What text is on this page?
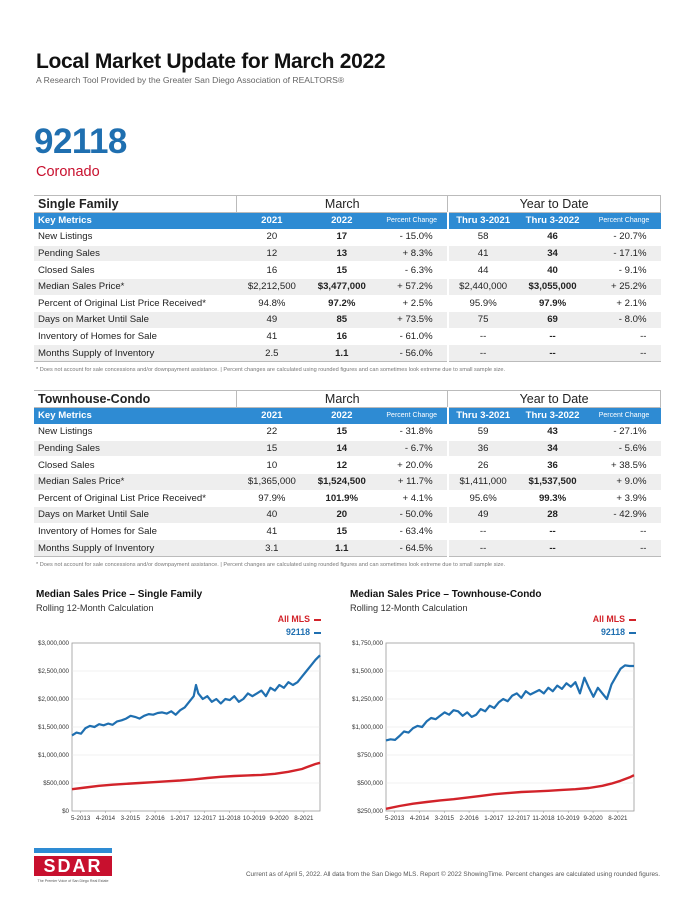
Local Market Update for March 2022
A Research Tool Provided by the Greater San Diego Association of REALTORS®
92118
Coronado
Single Family	March			Year to Date		
Key Metrics	2021	2022	Percent Change	Thru 3-2021	Thru 3-2022	Percent Change
New Listings	20	17	- 15.0%	58	46	- 20.7%
Pending Sales	12	13	+ 8.3%	41	34	- 17.1%
Closed Sales	16	15	- 6.3%	44	40	- 9.1%
Median Sales Price*	$2,212,500	$3,477,000	+ 57.2%	$2,440,000	$3,055,000	+ 25.2%
Percent of Original List Price Received*	94.8%	97.2%	+ 2.5%	95.9%	97.9%	+ 2.1%
Days on Market Until Sale	49	85	+ 73.5%	75	69	- 8.0%
Inventory of Homes for Sale	41	16	- 61.0%	--	--	--
Months Supply of Inventory	2.5	1.1	- 56.0%	--	--	--
* Does not account for sale concessions and/or downpayment assistance. | Percent changes are calculated using rounded figures and can sometimes look extreme due to small sample size.
Townhouse-Condo	March			Year to Date		
Key Metrics	2021	2022	Percent Change	Thru 3-2021	Thru 3-2022	Percent Change
New Listings	22	15	- 31.8%	59	43	- 27.1%
Pending Sales	15	14	- 6.7%	36	34	- 5.6%
Closed Sales	10	12	+ 20.0%	26	36	+ 38.5%
Median Sales Price*	$1,365,000	$1,524,500	+ 11.7%	$1,411,000	$1,537,500	+ 9.0%
Percent of Original List Price Received*	97.9%	101.9%	+ 4.1%	95.6%	99.3%	+ 3.9%
Days on Market Until Sale	40	20	- 50.0%	49	28	- 42.9%
Inventory of Homes for Sale	41	15	- 63.4%	--	--	--
Months Supply of Inventory	3.1	1.1	- 64.5%	--	--	--
* Does not account for sale concessions and/or downpayment assistance. | Percent changes are calculated using rounded figures and can sometimes look extreme due to small sample size.
Median Sales Price – Single Family
Rolling 12-Month Calculation
All MLS
92118
$0
$500,000
$1,000,000
$1,500,000
$2,000,000
$2,500,000
$3,000,000
5-2013 4-2014 3-2015 2-2016 1-2017 12-2017 11-2018 10-2019 9-2020 8-2021
Median Sales Price – Townhouse-Condo
Rolling 12-Month Calculation
All MLS
92118
$250,000
$500,000
$750,000
$1,000,000
$1,250,000
$1,500,000
$1,750,000
5-2013 4-2014 3-2015 2-2016 1-2017 12-2017 11-2018 10-2019 9-2020 8-2021
SDAR
The Premier Voice of San Diego Real Estate
Current as of April 5, 2022. All data from the San Diego MLS. Report © 2022 ShowingTime. Percent changes are calculated using rounded figures.
